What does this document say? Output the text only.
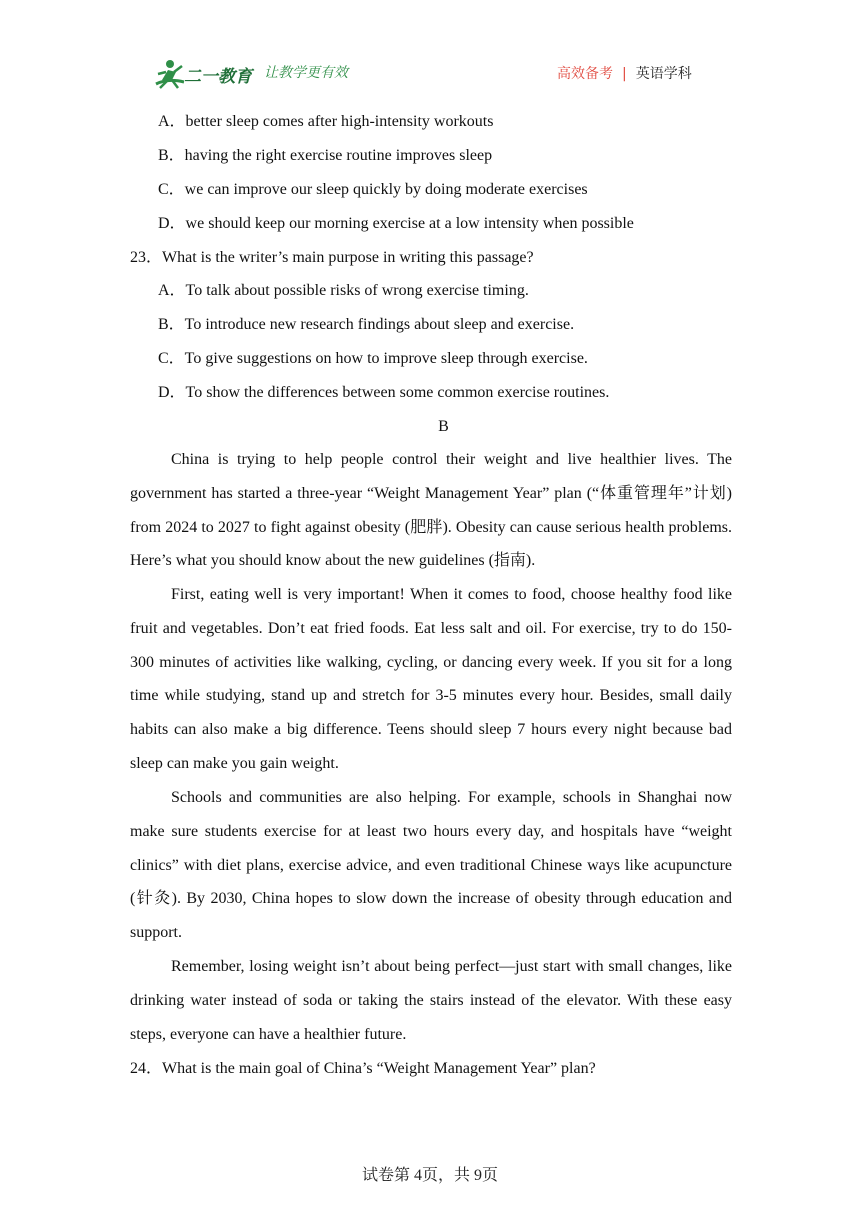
二一教育 让教学更有效	高效备考 | 英语学科
A．better sleep comes after high-intensity workouts
B．having the right exercise routine improves sleep
C．we can improve our sleep quickly by doing moderate exercises
D．we should keep our morning exercise at a low intensity when possible
23．What is the writer’s main purpose in writing this passage?
A．To talk about possible risks of wrong exercise timing.
B．To introduce new research findings about sleep and exercise.
C．To give suggestions on how to improve sleep through exercise.
D．To show the differences between some common exercise routines.
B
China is trying to help people control their weight and live healthier lives. The government has started a three-year “Weight Management Year” plan (“体重管理年”计划) from 2024 to 2027 to fight against obesity (肥胖). Obesity can cause serious health problems. Here’s what you should know about the new guidelines (指南).
First, eating well is very important! When it comes to food, choose healthy food like fruit and vegetables. Don’t eat fried foods. Eat less salt and oil. For exercise, try to do 150-300 minutes of activities like walking, cycling, or dancing every week. If you sit for a long time while studying, stand up and stretch for 3-5 minutes every hour. Besides, small daily habits can also make a big difference. Teens should sleep 7 hours every night because bad sleep can make you gain weight.
Schools and communities are also helping. For example, schools in Shanghai now make sure students exercise for at least two hours every day, and hospitals have “weight clinics” with diet plans, exercise advice, and even traditional Chinese ways like acupuncture (针灸). By 2030, China hopes to slow down the increase of obesity through education and support.
Remember, losing weight isn’t about being perfect—just start with small changes, like drinking water instead of soda or taking the stairs instead of the elevator. With these easy steps, everyone can have a healthier future.
24．What is the main goal of China’s “Weight Management Year” plan?
试卷第 4页，共 9页
